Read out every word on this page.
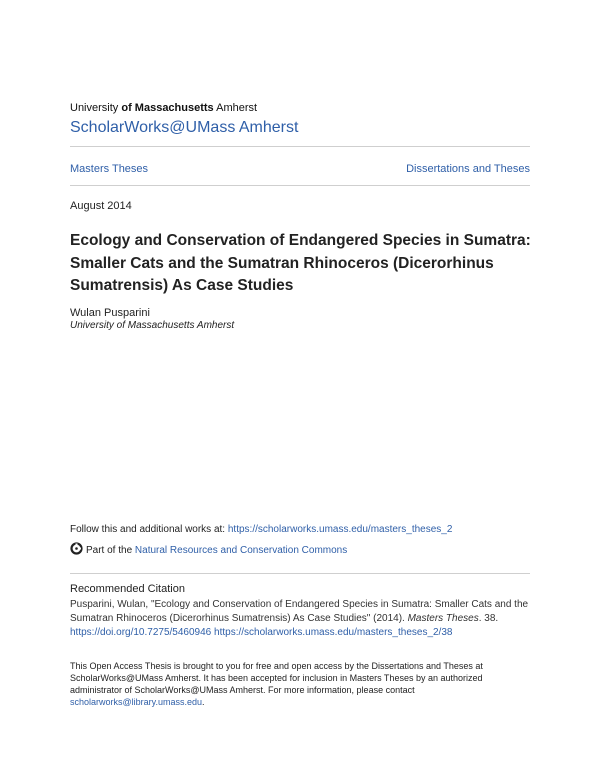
University of Massachusetts Amherst
ScholarWorks@UMass Amherst
Masters Theses	Dissertations and Theses
August 2014
Ecology and Conservation of Endangered Species in Sumatra: Smaller Cats and the Sumatran Rhinoceros (Dicerorhinus Sumatrensis) As Case Studies
Wulan Pusparini
University of Massachusetts Amherst
Follow this and additional works at: https://scholarworks.umass.edu/masters_theses_2
Part of the
Natural Resources and Conservation Commons
Recommended Citation
Pusparini, Wulan, "Ecology and Conservation of Endangered Species in Sumatra: Smaller Cats and the Sumatran Rhinoceros (Dicerorhinus Sumatrensis) As Case Studies" (2014). Masters Theses. 38. https://doi.org/10.7275/5460946 https://scholarworks.umass.edu/masters_theses_2/38
This Open Access Thesis is brought to you for free and open access by the Dissertations and Theses at ScholarWorks@UMass Amherst. It has been accepted for inclusion in Masters Theses by an authorized administrator of ScholarWorks@UMass Amherst. For more information, please contact scholarworks@library.umass.edu.
